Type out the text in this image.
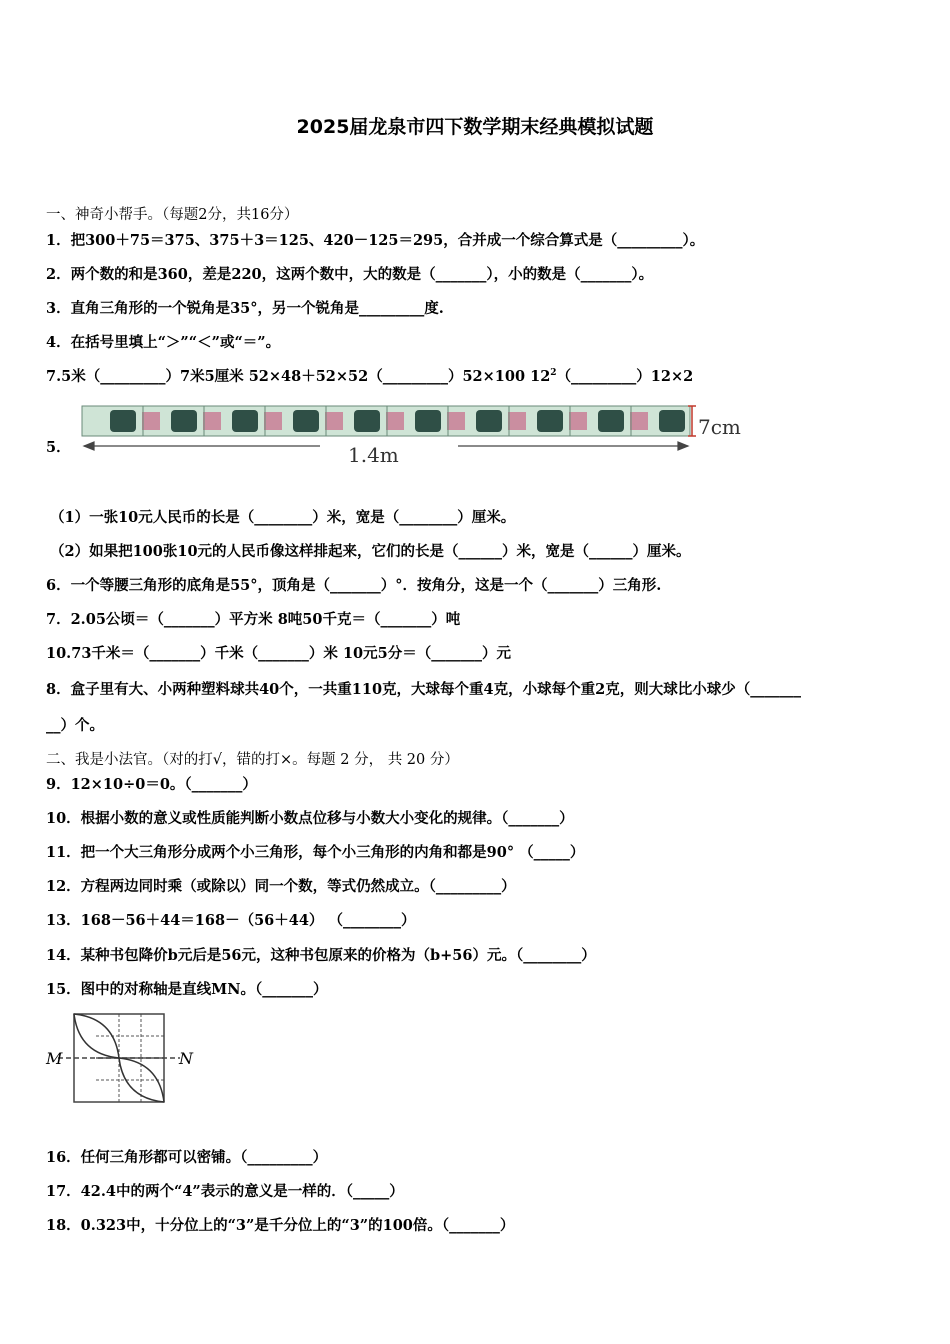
2025届龙泉市四下数学期末经典模拟试题
一、神奇小帮手。（每题2分，共16分）
1．把300＋75＝375、375＋3＝125、420－125＝295，合并成一个综合算式是（_________）。
2．两个数的和是360，差是220，这两个数中，大的数是（_______），小的数是（_______）。
3．直角三角形的一个锐角是35°，另一个锐角是_________度.
4．在括号里填上“＞”“＜”或“＝”。
7.5米（_________）7米5厘米 52×48＋52×52（_________）52×100 $12^2(\_\_\_\_\_\_\_\_\_)12\times 2$
5．
7cm
1.4m
（1）一张10元人民币的长是（________）米，宽是（________）厘米。
（2）如果把100张10元的人民币像这样排起来，它们的长是（______）米，宽是（______）厘米。
6．一个等腰三角形的底角是55°，顶角是（_______）°．按角分，这是一个（_______）三角形.
7．2.05公顷＝（_______）平方米 8吨50千克＝（_______）吨
10.73千米＝（_______）千米（_______）米 10元5分＝（_______）元
8．盒子里有大、小两种塑料球共40个，一共重110克，大球每个重4克，小球每个重2克，则大球比小球少（_______
__）个。
二、我是小法官。（对的打√，错的打×。每题 2 分， 共 20 分）
9．12×10÷0＝0。（_______）
10．根据小数的意义或性质能判断小数点位移与小数大小变化的规律。（_______）
11．把一个大三角形分成两个小三角形，每个小三角形的内角和都是90° （_____）
12．方程两边同时乘（或除以）同一个数，等式仍然成立。（_________）
13．168－56＋44＝168－（56＋44） （________）
14．某种书包降价b元后是56元，这种书包原来的价格为（b+56）元。（________）
15．图中的对称轴是直线MN。（_______）
M	N
16．任何三角形都可以密铺。（_________）
17．42.4中的两个“4”表示的意义是一样的．（_____）
18．0.323中，十分位上的“3”是千分位上的“3”的100倍。（_______）
